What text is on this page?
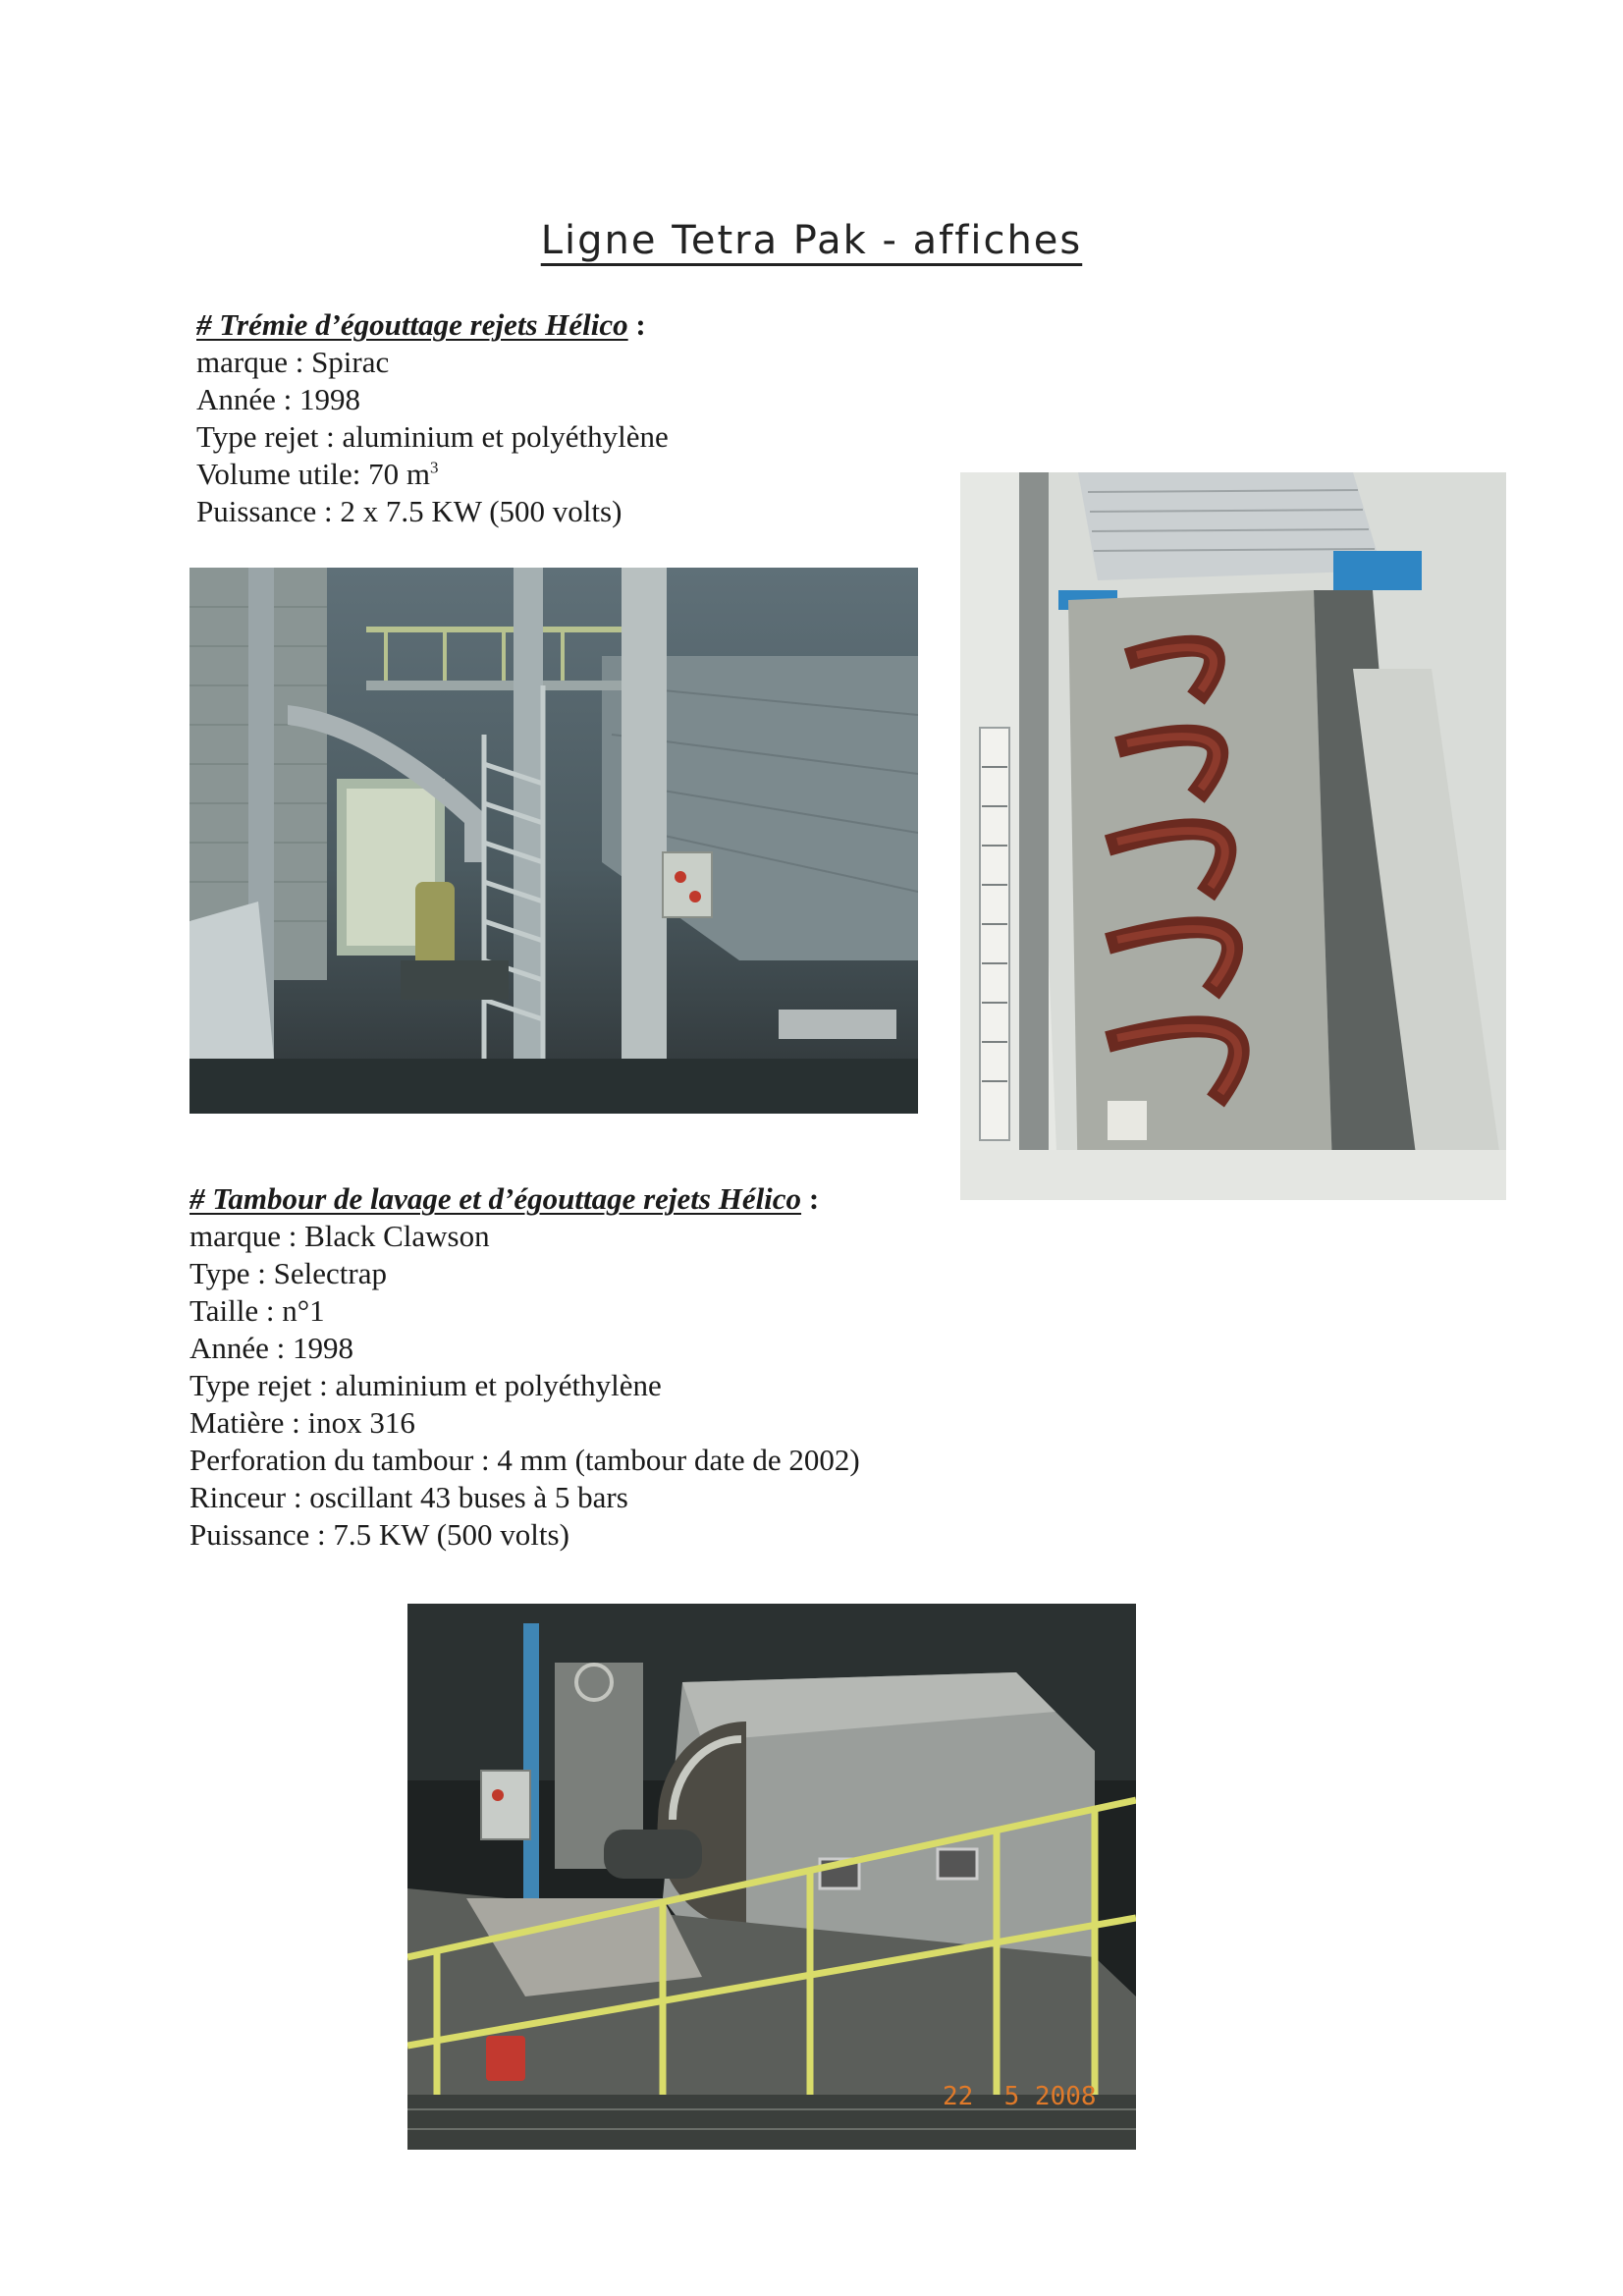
Ligne Tetra Pak - affiches
# Trémie d’égouttage rejets Hélico :
marque : Spirac
Année : 1998
Type rejet : aluminium et polyéthylène
Volume utile: 70 $m^3$
Puissance : 2 x 7.5 KW (500 volts)
# Tambour de lavage et d’égouttage rejets Hélico :
marque : Black Clawson
Type : Selectrap
Taille : n°1
Année : 1998
Type rejet : aluminium et polyéthylène
Matière : inox 316
Perforation du tambour : 4 mm (tambour date de 2002)
Rinceur : oscillant 43 buses à 5 bars
Puissance : 7.5 KW (500 volts)
22  5 2008
